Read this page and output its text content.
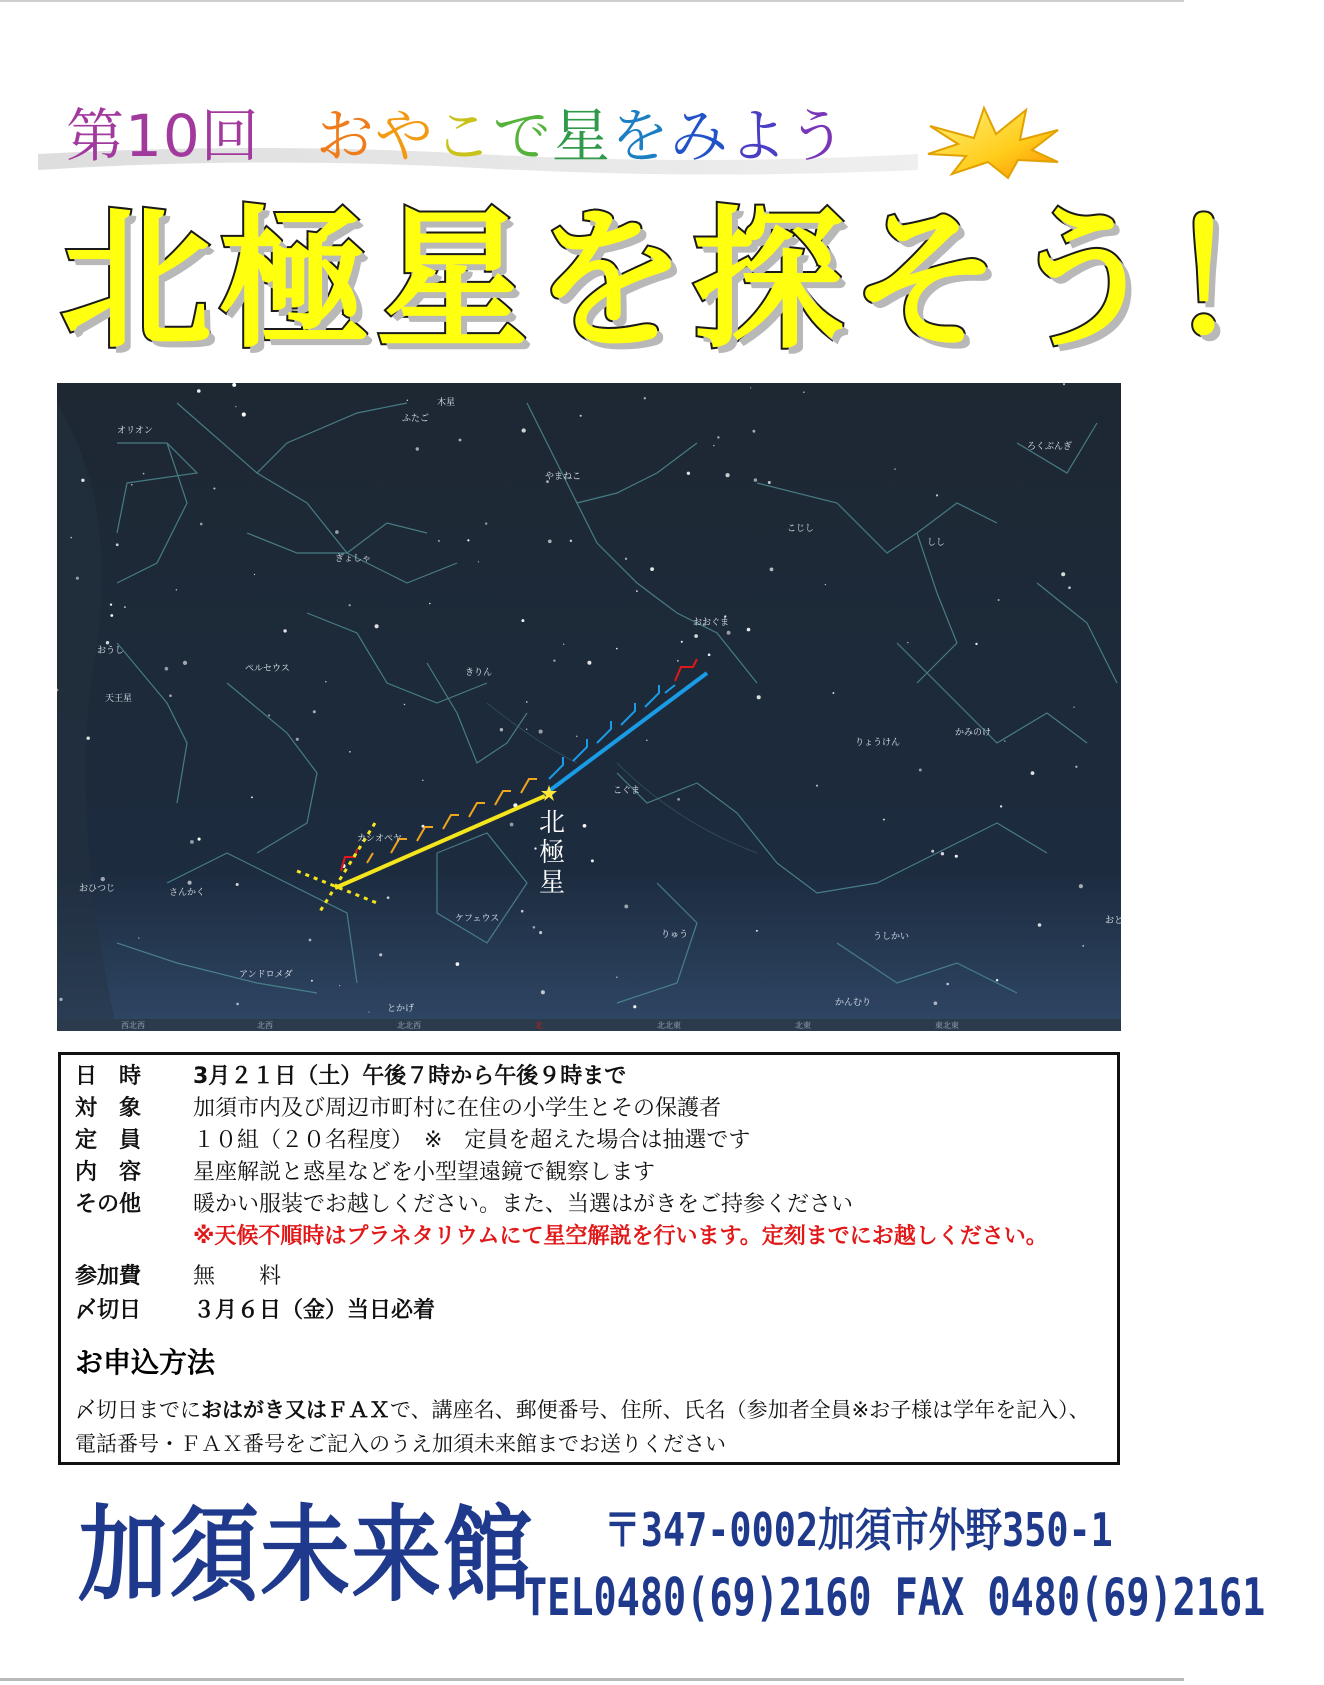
第10回 おやこで星をみよう
北極星を探そう！
北
極
星
木星
ふたご
オリオン
ろくぶんぎ
やまねこ
こじし
しし
ぎょしゃ
おおぐま
おうし
ペルセウス	きりん
天王星
かみのけ
りょうけん
こぐま
カシオペヤ
おひつじ	さんかく
ケフェウス
りゅう	うしかい
おと
アンドロメダ
とかげ
かんむり
西北西	北西	北北西	北	北北東	北東	東北東
お申込方法
〆切日までにおはがき又はＦＡＸで、講座名、郵便番号、住所、氏名（参加者全員※お子様は学年を記入）、
電話番号・ＦＡＸ番号をご記入のうえ加須未来館までお送りください
日　時 3月２１日（土）午後７時から午後９時まで
対　象 加須市内及び周辺市町村に在住の小学生とその保護者
定　員 １０組（２０名程度）　※　定員を超えた場合は抽選です
内　容 星座解説と惑星などを小型望遠鏡で観察します
その他 暖かい服装でお越しください。また、当選はがきをご持参ください
※天候不順時はプラネタリウムにて星空解説を行います。定刻までにお越しください。
参加費 無　　料
〆切日 ３月６日（金）当日必着
加須未来館 〒347-0002加須市外野350-1
TEL0480(69)2160 FAX 0480(69)2161
